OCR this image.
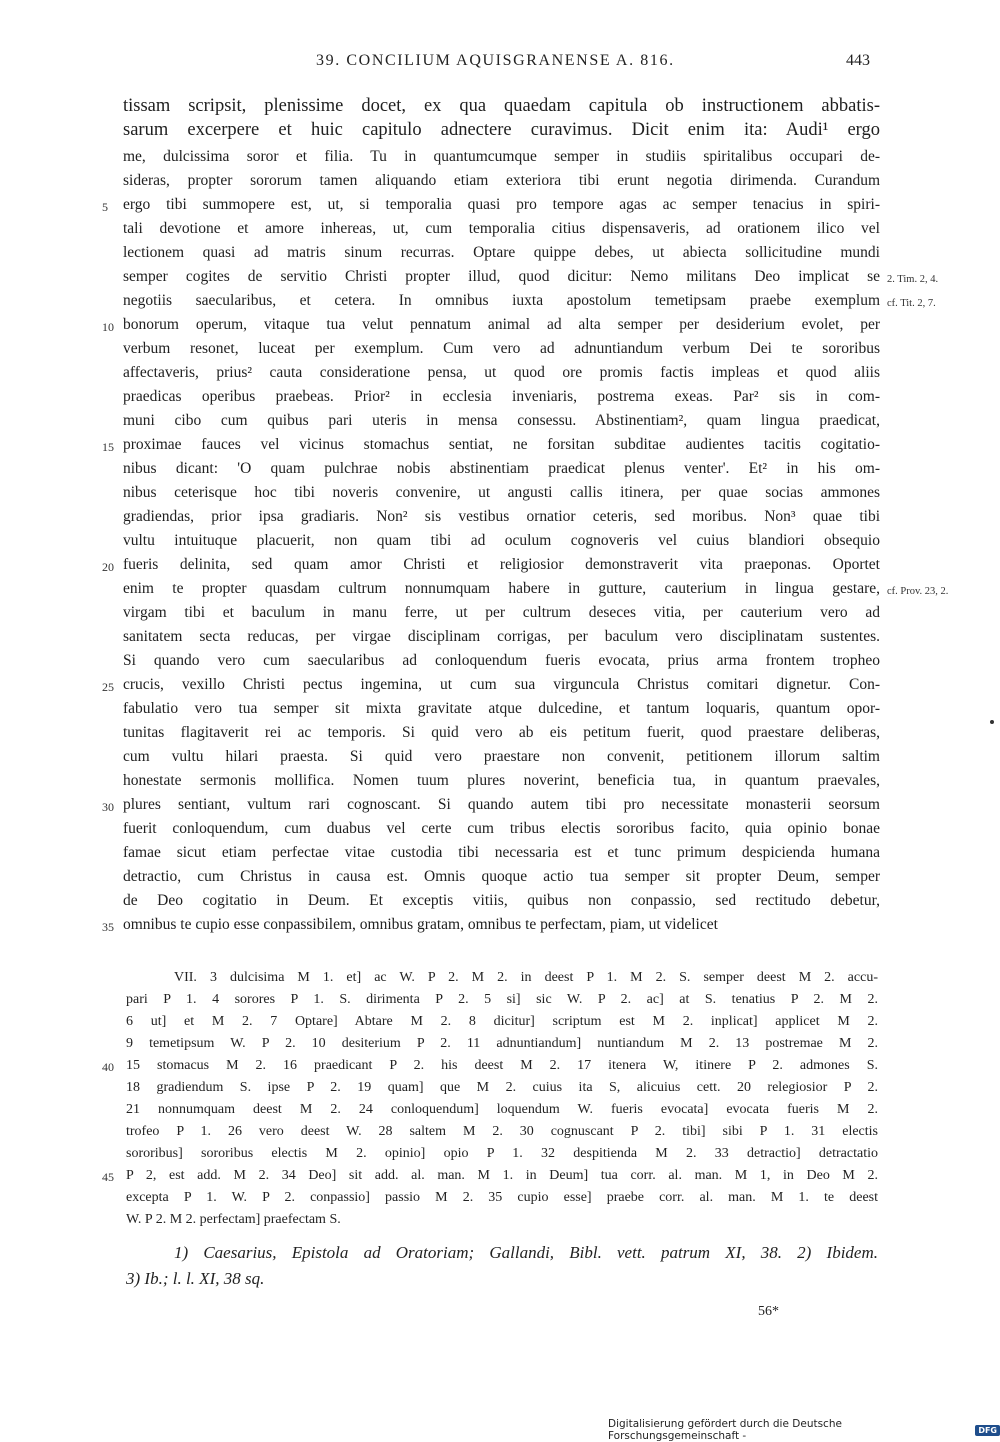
39. CONCILIUM AQUISGRANENSE A. 816.	443
tissam scripsit, plenissime docet, ex qua quaedam capitula ob instructionem abbatis-
sarum excerpere et huic capitulo adnectere curavimus. Dicit enim ita: Audi¹ ergo
me, dulcissima soror et filia. Tu in quantumcumque semper in studiis spiritalibus occupari de-
sideras, propter sororum tamen aliquando etiam exteriora tibi erunt negotia dirimenda. Curandum
ergo tibi summopere est, ut, si temporalia quasi pro tempore agas ac semper tenacius in spiri-
tali devotione et amore inhereas, ut, cum temporalia citius dispensaveris, ad orationem ilico vel
lectionem quasi ad matris sinum recurras. Optare quippe debes, ut abiecta sollicitudine mundi
semper cogites de servitio Christi propter illud, quod dicitur: Nemo militans Deo implicat se
negotiis saecularibus, et cetera. In omnibus iuxta apostolum temetipsam praebe exemplum
bonorum operum, vitaque tua velut pennatum animal ad alta semper per desiderium evolet, per
verbum resonet, luceat per exemplum. Cum vero ad adnuntiandum verbum Dei te sororibus
affectaveris, prius² cauta consideratione pensa, ut quod ore promis factis impleas et quod aliis
praedicas operibus praebeas. Prior² in ecclesia inveniaris, postrema exeas. Par² sis in com-
muni cibo cum quibus pari uteris in mensa consessu. Abstinentiam², quam lingua praedicat,
proximae fauces vel vicinus stomachus sentiat, ne forsitan subditae audientes tacitis cogitatio-
nibus dicant: 'O quam pulchrae nobis abstinentiam praedicat plenus venter'. Et² in his om-
nibus ceterisque hoc tibi noveris convenire, ut angusti callis itinera, per quae socias ammones
gradiendas, prior ipsa gradiaris. Non² sis vestibus ornatior ceteris, sed moribus. Non³ quae tibi
vultu intuituque placuerit, non quam tibi ad oculum cognoveris vel cuius blandiori obsequio
fueris delinita, sed quam amor Christi et religiosior demonstraverit vita praeponas. Oportet
enim te propter quasdam cultrum nonnumquam habere in gutture, cauterium in lingua gestare,
virgam tibi et baculum in manu ferre, ut per cultrum deseces vitia, per cauterium vero ad
sanitatem secta reducas, per virgae disciplinam corrigas, per baculum vero disciplinatam sustentes.
Si quando vero cum saecularibus ad conloquendum fueris evocata, prius arma frontem tropheo
crucis, vexillo Christi pectus ingemina, ut cum sua virguncula Christus comitari dignetur. Con-
fabulatio vero tua semper sit mixta gravitate atque dulcedine, et tantum loquaris, quantum opor-
tunitas flagitaverit rei ac temporis. Si quid vero ab eis petitum fuerit, quod praestare deliberas,
cum vultu hilari praesta. Si quid vero praestare non convenit, petitionem illorum saltim
honestate sermonis mollifica. Nomen tuum plures noverint, beneficia tua, in quantum praevales,
plures sentiant, vultum rari cognoscant. Si quando autem tibi pro necessitate monasterii seorsum
fuerit conloquendum, cum duabus vel certe cum tribus electis sororibus facito, quia opinio bonae
famae sicut etiam perfectae vitae custodia tibi necessaria est et tunc primum despicienda humana
detractio, cum Christus in causa est. Omnis quoque actio tua semper sit propter Deum, semper
de Deo cogitatio in Deum. Et exceptis vitiis, quibus non conpassio, sed rectitudo debetur,
omnibus te cupio esse conpassibilem, omnibus gratam, omnibus te perfectam, piam, ut videlicet
5
10
15
20
25
30
35
2. Tim. 2, 4.
cf. Tit. 2, 7.
cf. Prov. 23, 2.
VII. 3 dulcisima M 1. et] ac W. P 2. M 2. in deest P 1. M 2. S. semper deest M 2. accu-
pari P 1. 4 sorores P 1. S. dirimenta P 2. 5 si] sic W. P 2. ac] at S. tenatius P 2. M 2.
6 ut] et M 2. 7 Optare] Abtare M 2. 8 dicitur] scriptum est M 2. inplicat] applicet M 2.
9 temetipsum W. P 2. 10 desiterium P 2. 11 adnuntiandum] nuntiandum M 2. 13 postremae M 2.
15 stomacus M 2. 16 praedicant P 2. his deest M 2. 17 itenera W, itinere P 2. admones S.
18 gradiendum S. ipse P 2. 19 quam] que M 2. cuius ita S, alicuius cett. 20 relegiosior P 2.
21 nonnumquam deest M 2. 24 conloquendum] loquendum W. fueris evocata] evocata fueris M 2.
trofeo P 1. 26 vero deest W. 28 saltem M 2. 30 cognuscant P 2. tibi] sibi P 1. 31 electis
sororibus] sororibus electis M 2. opinio] opio P 1. 32 despitienda M 2. 33 detractio] detractatio
P 2, est add. M 2. 34 Deo] sit add. al. man. M 1. in Deum] tua corr. al. man. M 1, in Deo M 2.
excepta P 1. W. P 2. conpassio] passio M 2. 35 cupio esse] praebe corr. al. man. M 1. te deest
W. P 2. M 2. perfectam] praefectam S.
40
45
1) Caesarius, Epistola ad Oratoriam; Gallandi, Bibl. vett. patrum XI, 38. 2) Ibidem.
3) Ib.; l. l. XI, 38 sq.
56*
Digitalisierung gefördert durch die Deutsche Forschungsgemeinschaft -	DFG
